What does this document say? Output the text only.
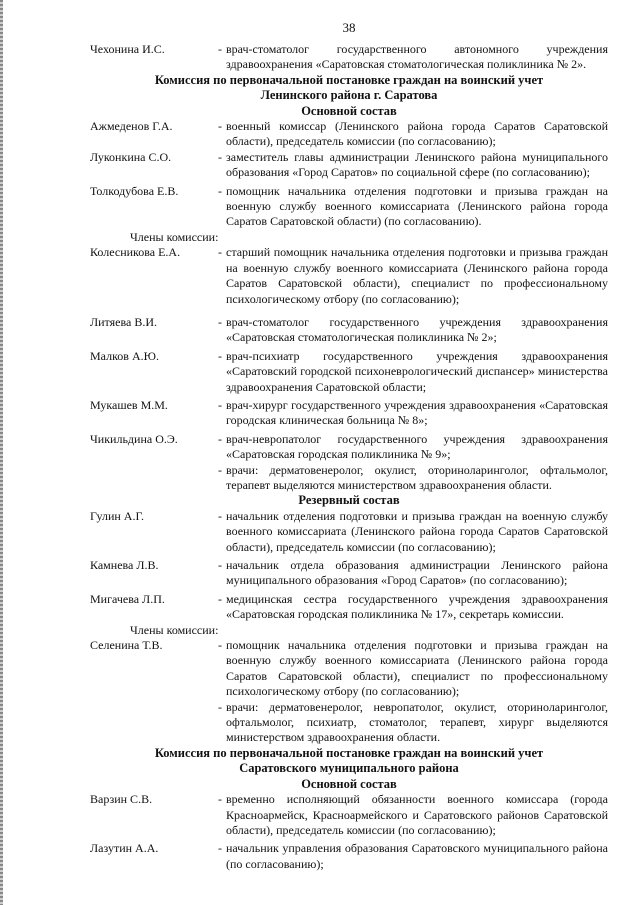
38
Чехонина И.С.	- врач-стоматолог государственного автономного учреждения здравоохранения «Саратовская стоматологическая поликлиника № 2».
Комиссия по первоначальной постановке граждан на воинский учет
Ленинского района г. Саратова
Основной состав
Ажмеденов Г.А.	- военный комиссар (Ленинского района города Саратов Саратовской области), председатель комиссии (по согласованию);
Луконкина С.О.	- заместитель главы администрации Ленинского района муниципального образования «Город Саратов» по социальной сфере (по согласованию);
Толкодубова Е.В.	- помощник начальника отделения подготовки и призыва граждан на военную службу военного комиссариата (Ленинского района города Саратов Саратовской области) (по согласованию).
Члены комиссии:
Колесникова Е.А.	- старший помощник начальника отделения подготовки и призыва граждан на военную службу военного комиссариата (Ленинского района города Саратов Саратовской области), специалист по профессиональному психологическому отбору (по согласованию);
Литяева В.И.	- врач-стоматолог государственного учреждения здравоохранения «Саратовская стоматологическая поликлиника № 2»;
Малков А.Ю.	- врач-психиатр государственного учреждения здравоохранения «Саратовский городской психоневрологический диспансер» министерства здравоохранения Саратовской области;
Мукашев М.М.	- врач-хирург государственного учреждения здравоохранения «Саратовская городская клиническая больница № 8»;
Чикильдина О.Э.	- врач-невропатолог государственного учреждения здравоохранения «Саратовская городская поликлиника № 9»;
- врачи: дерматовенеролог, окулист, оториноларинголог, офтальмолог, терапевт выделяются министерством здравоохранения области.
Резервный состав
Гулин А.Г.	- начальник отделения подготовки и призыва граждан на военную службу военного комиссариата (Ленинского района города Саратов Саратовской области), председатель комиссии (по согласованию);
Камнева Л.В.	- начальник отдела образования администрации Ленинского района муниципального образования «Город Саратов» (по согласованию);
Мигачева Л.П.	- медицинская сестра государственного учреждения здравоохранения «Саратовская городская поликлиника № 17», секретарь комиссии.
Члены комиссии:
Селенина Т.В.	- помощник начальника отделения подготовки и призыва граждан на военную службу военного комиссариата (Ленинского района города Саратов Саратовской области), специалист по профессиональному психологическому отбору (по согласованию);
- врачи: дерматовенеролог, невропатолог, окулист, оториноларинголог, офтальмолог, психиатр, стоматолог, терапевт, хирург выделяются министерством здравоохранения области.
Комиссия по первоначальной постановке граждан на воинский учет
Саратовского муниципального района
Основной состав
Варзин С.В.	- временно исполняющий обязанности военного комиссара (города Красноармейск, Красноармейского и Саратовского районов Саратовской области), председатель комиссии (по согласованию);
Лазутин А.А.	- начальник управления образования Саратовского муниципального района (по согласованию);
